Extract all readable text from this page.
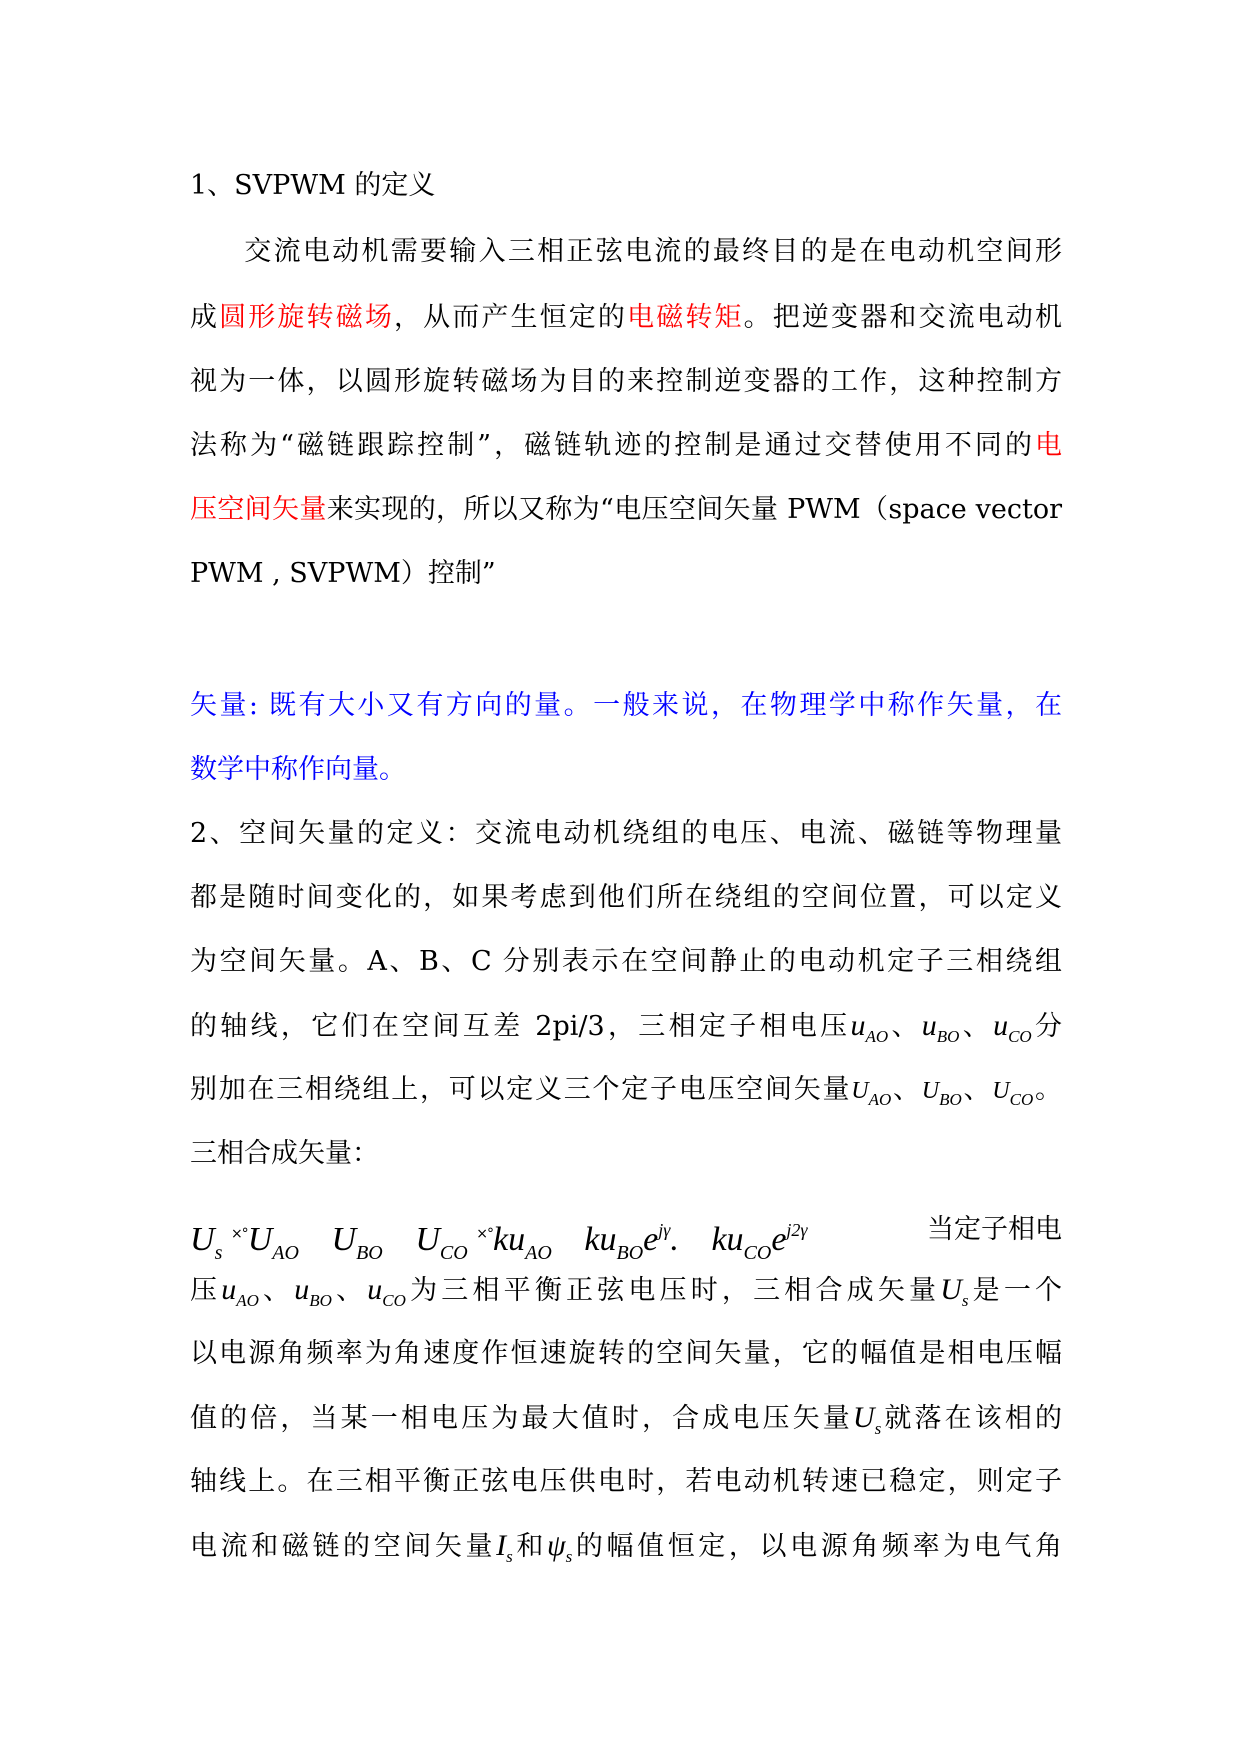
1、SVPWM 的定义
交流电动机需要输入三相正弦电流的最终目的是在电动机空间形
成圆形旋转磁场，从而产生恒定的电磁转矩。把逆变器和交流电动机
视为一体，以圆形旋转磁场为目的来控制逆变器的工作，这种控制方
法称为“磁链跟踪控制”，磁链轨迹的控制是通过交替使用不同的电
压空间矢量来实现的，所以又称为“电压空间矢量 PWM（space vector
PWM , SVPWM）控制”
矢量: 既有大小又有方向的量。一般来说，在物理学中称作矢量，在
数学中称作向量。
2、空间矢量的定义：交流电动机绕组的电压、电流、磁链等物理量
都是随时间变化的，如果考虑到他们所在绕组的空间位置，可以定义
为空间矢量。A、B、C 分别表示在空间静止的电动机定子三相绕组
的轴线，它们在空间互差 2pi/3，三相定子相电压$u_{AO}$、$u_{BO}$、$u_{CO}$分
别加在三相绕组上，可以定义三个定子电压空间矢量$U_{AO}$、$U_{BO}$、$U_{CO}$。
三相合成矢量：
$U_s$ $^{\times^\circ}U_{AO}$ $U_{BO}$ $U_{CO}$ $^{\times^\circ}ku_{AO}$ $ku_{BO}e^{j\gamma}$. $ku_{CO}e^{j2\gamma}$	当定子相电
压$u_{AO}$、$u_{BO}$、$u_{CO}$为三相平衡正弦电压时，三相合成矢量$U_s$是一个
以电源角频率为角速度作恒速旋转的空间矢量，它的幅值是相电压幅
值的倍，当某一相电压为最大值时，合成电压矢量$U_s$就落在该相的
轴线上。在三相平衡正弦电压供电时，若电动机转速已稳定，则定子
电流和磁链的空间矢量$I_s$和$\psi_s$的幅值恒定，以电源角频率为电气角
